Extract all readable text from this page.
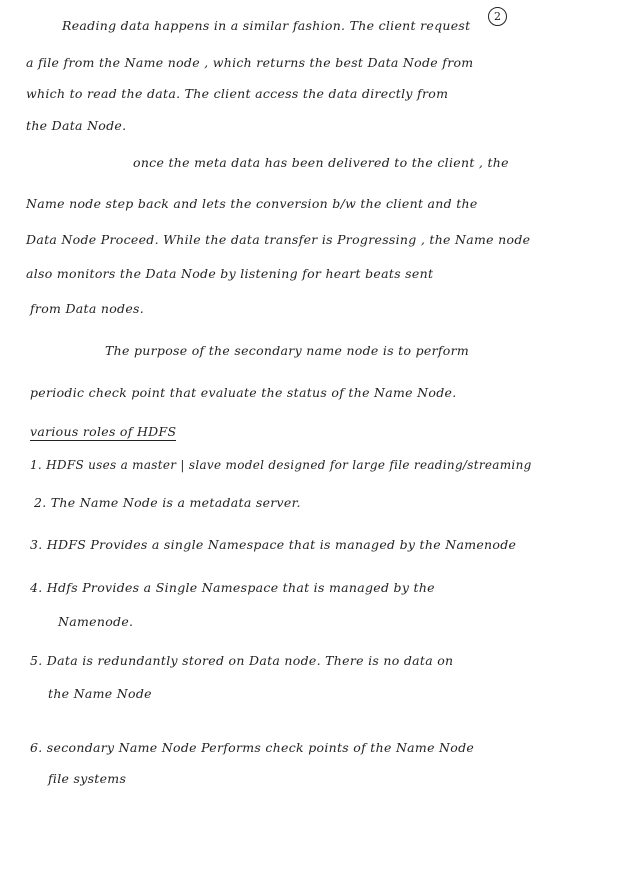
2
Reading data happens in a similar fashion. The client request
a file from the Name node , which returns the best Data Node from
which to read the data. The client access the data directly from
the Data Node.
once the meta data has been delivered to the client , the
Name node step back and lets the conversion b/w the client and the
Data Node Proceed. While the data transfer is Progressing , the Name node
also monitors the Data Node by listening for heart beats sent
from Data nodes.
The purpose of the secondary name node is to perform
periodic check point that evaluate the status of the Name Node.
various roles of HDFS
1. HDFS uses a master | slave model designed for large file reading/streaming
2. The Name Node is a metadata server.
3. HDFS Provides a single Namespace that is managed by the Namenode
4. Hdfs Provides a Single Namespace that is managed by the
Namenode.
5. Data is redundantly stored on Data node. There is no data on
the Name Node
6. secondary Name Node Performs check points of the Name Node
file systems
